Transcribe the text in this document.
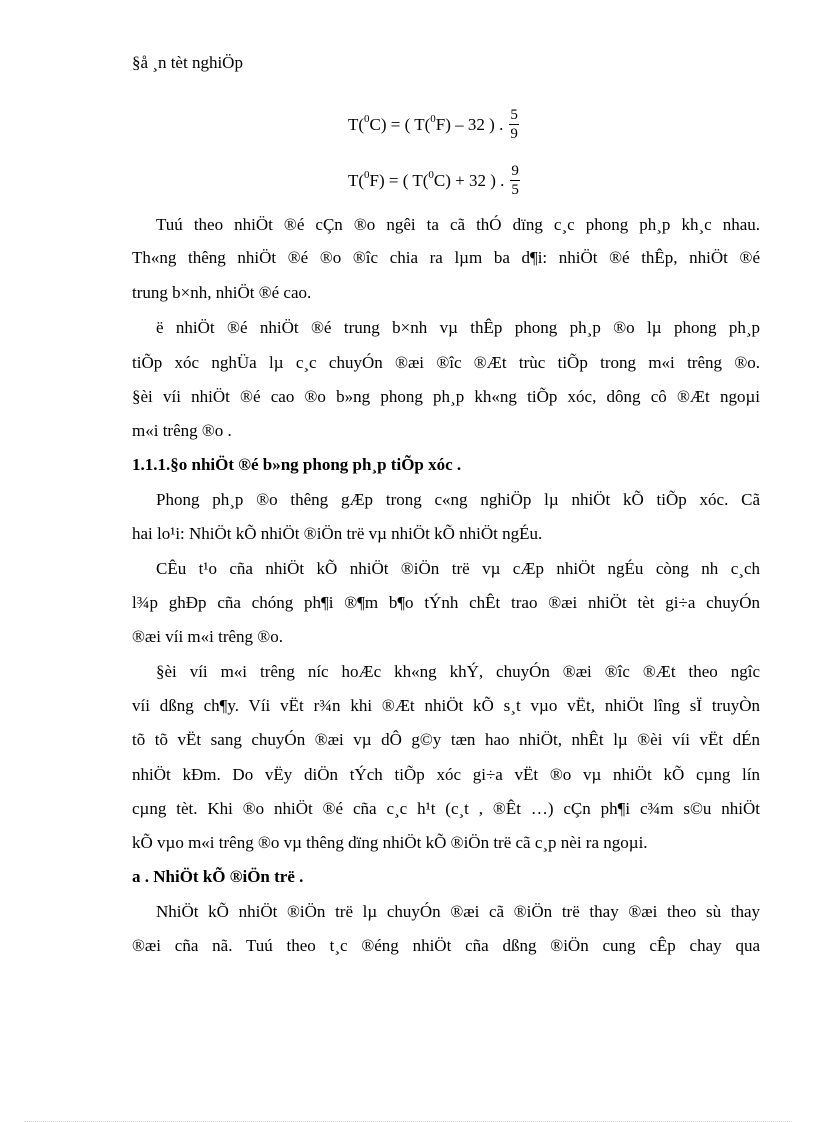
§å ¸n tèt nghiÖp
T($^0$ C) = ( T($^0$ F) – 32 ) . $\frac{5}{9}$
T($^0$ F) = ( T($^0$ C) + 32 ) . $\frac{9}{5}$
Tuú theo nhiÖt ®é cÇn ®o ngêi ta cã thÓ dïng c¸c phong ph¸p kh¸c nhau.
Th«ng thêng nhiÖt ®é ®o ®îc chia ra lµm ba d¶i: nhiÖt ®é thÊp, nhiÖt ®é
trung b×nh, nhiÖt ®é cao.
ë nhiÖt ®é nhiÖt ®é trung b×nh vµ thÊp phong ph¸p ®o lµ phong ph¸p
tiÕp xóc nghÜa lµ c¸c chuyÓn ®æi ®îc ®Æt trùc tiÕp trong m«i trêng ®o.
§èi víi nhiÖt ®é cao ®o b»ng phong ph¸p kh«ng tiÕp xóc, dông cô ®Æt ngoµi
m«i trêng ®o .
1.1.1.§o nhiÖt ®é b»ng phong ph¸p tiÕp xóc .
Phong ph¸p ®o thêng gÆp trong c«ng nghiÖp lµ nhiÖt kÕ tiÕp xóc. Cã
hai lo¹i: NhiÖt kÕ nhiÖt ®iÖn trë vµ nhiÖt kÕ nhiÖt ngÉu.
CÊu t¹o cña nhiÖt kÕ nhiÖt ®iÖn trë vµ cÆp nhiÖt ngÉu còng nh c¸ch
l¾p ghÐp cña chóng ph¶i ®¶m b¶o tÝnh chÊt trao ®æi nhiÖt tèt gi÷a chuyÓn
®æi víi m«i trêng ®o.
§èi víi m«i trêng níc hoÆc kh«ng khÝ, chuyÓn ®æi ®îc ®Æt theo ngîc
víi dßng ch¶y. Víi vËt r¾n khi ®Æt nhiÖt kÕ s¸t vµo vËt, nhiÖt lîng sÏ truyÒn
tõ tõ vËt sang chuyÓn ®æi vµ dÔ g©y tæn hao nhiÖt, nhÊt lµ ®èi víi vËt dÉn
nhiÖt kÐm. Do vËy diÖn tÝch tiÕp xóc gi÷a vËt ®o vµ nhiÖt kÕ cµng lín
cµng tèt. Khi ®o nhiÖt ®é cña c¸c h¹t (c¸t , ®Êt …) cÇn ph¶i c¾m s©u nhiÖt
kÕ vµo m«i trêng ®o vµ thêng dïng nhiÖt kÕ ®iÖn trë cã c¸p nèi ra ngoµi.
a . NhiÖt kÕ ®iÖn trë .
NhiÖt kÕ nhiÖt ®iÖn trë lµ chuyÓn ®æi cã ®iÖn trë thay ®æi theo sù thay
®æi cña nã. Tuú theo t¸c ®éng nhiÖt cña dßng ®iÖn cung cÊp chay qua
